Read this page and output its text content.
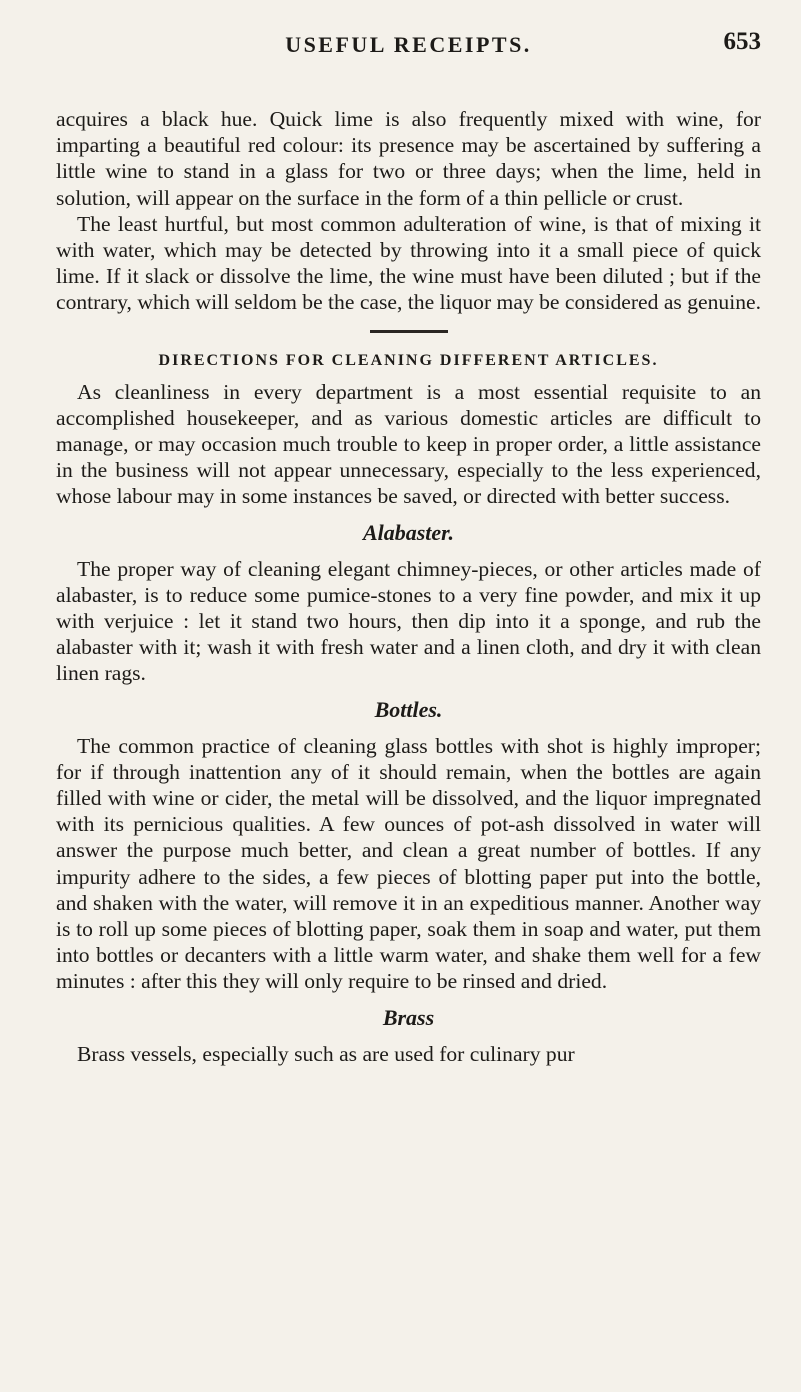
USEFUL RECEIPTS.	653

acquires a black hue. Quick lime is also frequently mixed with wine, for imparting a beautiful red colour: its presence may be ascertained by suffering a little wine to stand in a glass for two or three days; when the lime, held in solution, will appear on the surface in the form of a thin pellicle or crust.

The least hurtful, but most common adulteration of wine, is that of mixing it with water, which may be detected by throwing into it a small piece of quick lime. If it slack or dissolve the lime, the wine must have been diluted ; but if the contrary, which will seldom be the case, the liquor may be considered as genuine.

DIRECTIONS FOR CLEANING DIFFERENT ARTICLES.

As cleanliness in every department is a most essential requisite to an accomplished housekeeper, and as various domestic articles are difficult to manage, or may occasion much trouble to keep in proper order, a little assistance in the business will not appear unnecessary, especially to the less experienced, whose labour may in some instances be saved, or directed with better success.

Alabaster.

The proper way of cleaning elegant chimney-pieces, or other articles made of alabaster, is to reduce some pumice-stones to a very fine powder, and mix it up with verjuice : let it stand two hours, then dip into it a sponge, and rub the alabaster with it; wash it with fresh water and a linen cloth, and dry it with clean linen rags.

Bottles.

The common practice of cleaning glass bottles with shot is highly improper; for if through inattention any of it should remain, when the bottles are again filled with wine or cider, the metal will be dissolved, and the liquor impregnated with its pernicious qualities. A few ounces of pot-ash dissolved in water will answer the purpose much better, and clean a great number of bottles. If any impurity adhere to the sides, a few pieces of blotting paper put into the bottle, and shaken with the water, will remove it in an expeditious manner. Another way is to roll up some pieces of blotting paper, soak them in soap and water, put them into bottles or decanters with a little warm water, and shake them well for a few minutes : after this they will only require to be rinsed and dried.

Brass

Brass vessels, especially such as are used for culinary pur
